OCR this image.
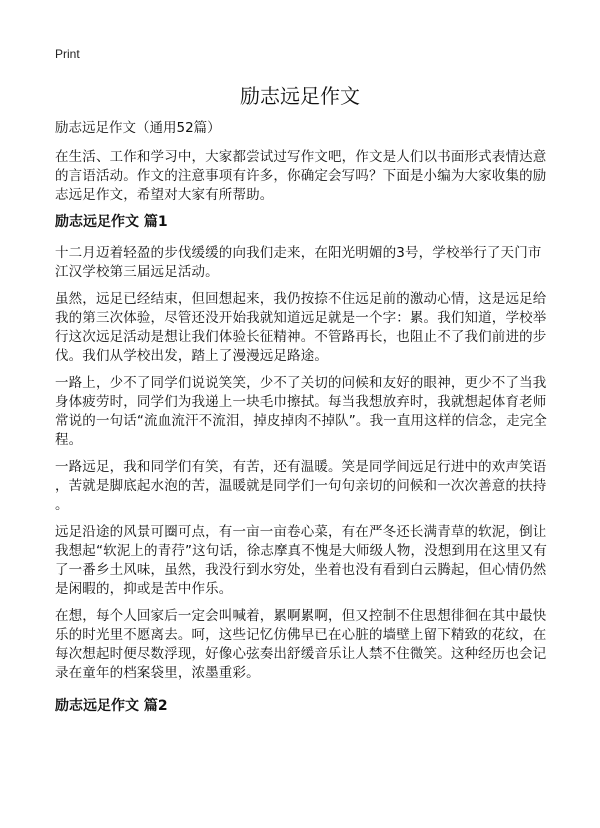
Print
励志远足作文
励志远足作文（通用52篇）
在生活、工作和学习中，大家都尝试过写作文吧，作文是人们以书面形式表情达意
的言语活动。作文的注意事项有许多，你确定会写吗？下面是小编为大家收集的励
志远足作文，希望对大家有所帮助。
励志远足作文 篇1
十二月迈着轻盈的步伐缓缓的向我们走来，在阳光明媚的3号，学校举行了天门市
江汉学校第三届远足活动。
虽然，远足已经结束，但回想起来，我仍按捺不住远足前的激动心情，这是远足给
我的第三次体验，尽管还没开始我就知道远足就是一个字：累。我们知道，学校举
行这次远足活动是想让我们体验长征精神。不管路再长，也阻止不了我们前进的步
伐。我们从学校出发，踏上了漫漫远足路途。
一路上，少不了同学们说说笑笑，少不了关切的问候和友好的眼神，更少不了当我
身体疲劳时，同学们为我递上一块毛巾擦拭。每当我想放弃时，我就想起体育老师
常说的一句话“流血流汗不流泪，掉皮掉肉不掉队”。我一直用这样的信念，走完全
程。
一路远足，我和同学们有笑，有苦，还有温暖。笑是同学间远足行进中的欢声笑语
，苦就是脚底起水泡的苦，温暖就是同学们一句句亲切的问候和一次次善意的扶持
。
远足沿途的风景可圈可点，有一亩一亩卷心菜，有在严冬还长满青草的软泥，倒让
我想起“软泥上的青荇”这句话，徐志摩真不愧是大师级人物，没想到用在这里又有
了一番乡土风味，虽然，我没行到水穷处，坐着也没有看到白云腾起，但心情仍然
是闲暇的，抑或是苦中作乐。
在想，每个人回家后一定会叫喊着，累啊累啊，但又控制不住思想徘徊在其中最快
乐的时光里不愿离去。呵，这些记忆仿佛早已在心脏的墙壁上留下精致的花纹，在
每次想起时便尽数浮现，好像心弦奏出舒缓音乐让人禁不住微笑。这种经历也会记
录在童年的档案袋里，浓墨重彩。
励志远足作文 篇2
